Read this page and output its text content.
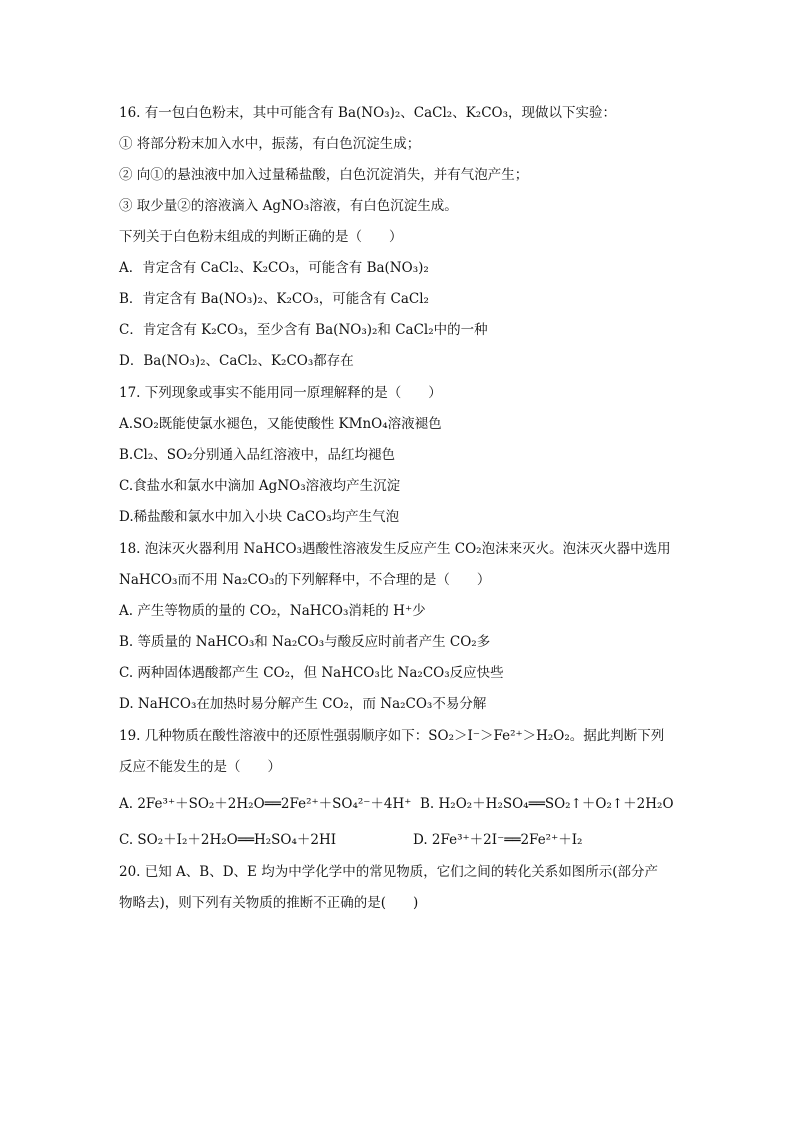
16. 有一包白色粉末，其中可能含有 Ba(NO₃)₂、CaCl₂、K₂CO₃，现做以下实验：
① 将部分粉末加入水中，振荡，有白色沉淀生成；
② 向①的悬浊液中加入过量稀盐酸，白色沉淀消失，并有气泡产生；
③ 取少量②的溶液滴入 AgNO₃溶液，有白色沉淀生成。
下列关于白色粉末组成的判断正确的是（　　）
A．肯定含有 CaCl₂、K₂CO₃，可能含有 Ba(NO₃)₂
B．肯定含有 Ba(NO₃)₂、K₂CO₃，可能含有 CaCl₂
C．肯定含有 K₂CO₃，至少含有 Ba(NO₃)₂和 CaCl₂中的一种
D．Ba(NO₃)₂、CaCl₂、K₂CO₃都存在
17. 下列现象或事实不能用同一原理解释的是（　　）
A.SO₂既能使氯水褪色，又能使酸性 KMnO₄溶液褪色
B.Cl₂、SO₂分别通入品红溶液中，品红均褪色
C.食盐水和氯水中滴加 AgNO₃溶液均产生沉淀
D.稀盐酸和氯水中加入小块 CaCO₃均产生气泡
18. 泡沫灭火器利用 NaHCO₃遇酸性溶液发生反应产生 CO₂泡沫来灭火。泡沫灭火器中选用
NaHCO₃而不用 Na₂CO₃的下列解释中，不合理的是（　　）
A. 产生等物质的量的 CO₂，NaHCO₃消耗的 H⁺少
B. 等质量的 NaHCO₃和 Na₂CO₃与酸反应时前者产生 CO₂多
C. 两种固体遇酸都产生 CO₂，但 NaHCO₃比 Na₂CO₃反应快些
D. NaHCO₃在加热时易分解产生 CO₂，而 Na₂CO₃不易分解
19. 几种物质在酸性溶液中的还原性强弱顺序如下：SO₂＞I⁻＞Fe²⁺＞H₂O₂。据此判断下列
反应不能发生的是（　　）
A. 2Fe³⁺＋SO₂＋2H₂O══2Fe²⁺＋SO₄²⁻＋4H⁺ B. H₂O₂＋H₂SO₄══SO₂↑＋O₂↑＋2H₂O
C. SO₂＋I₂＋2H₂O══H₂SO₄＋2HI	D. 2Fe³⁺＋2I⁻══2Fe²⁺＋I₂
20. 已知 A、B、D、E 均为中学化学中的常见物质，它们之间的转化关系如图所示(部分产
物略去)，则下列有关物质的推断不正确的是(　　)
